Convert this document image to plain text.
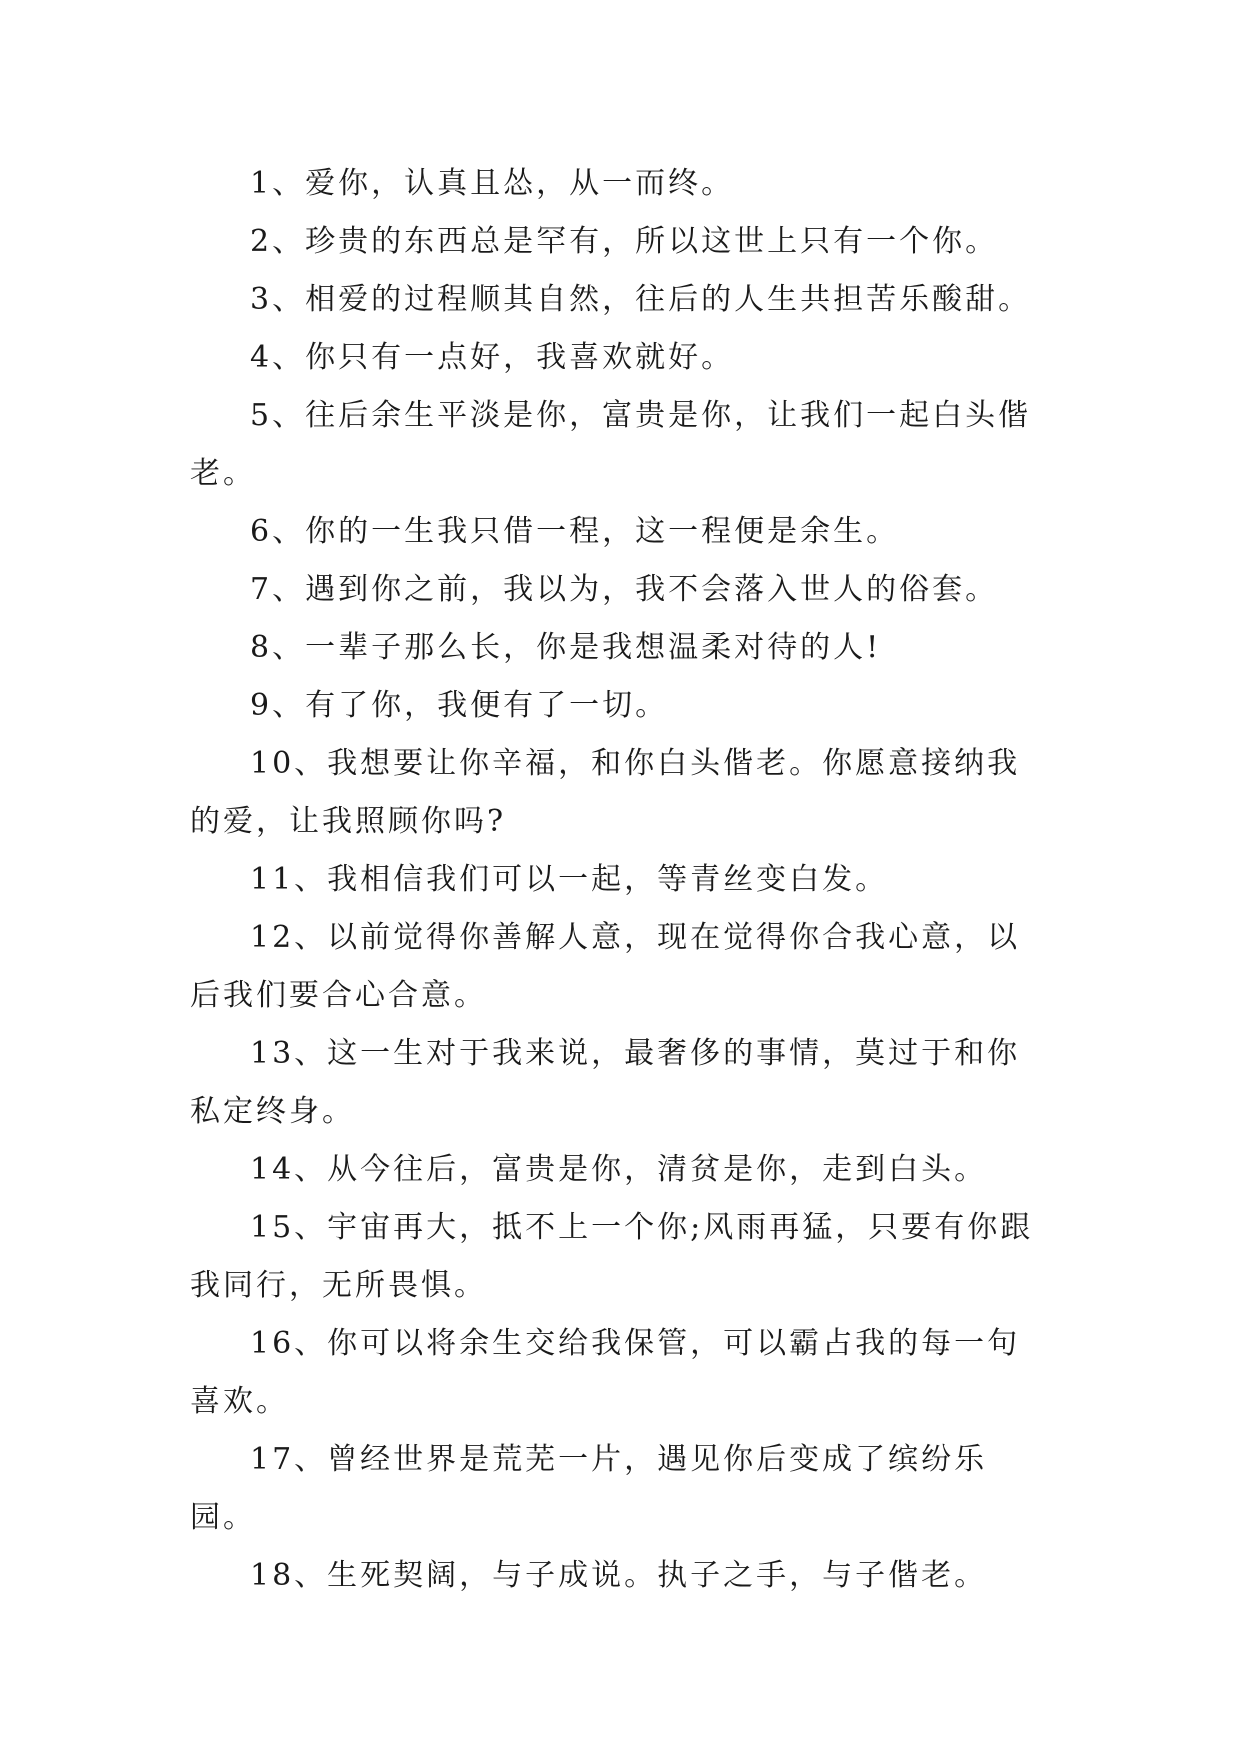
1、爱你，认真且怂，从一而终。

2、珍贵的东西总是罕有，所以这世上只有一个你。

3、相爱的过程顺其自然，往后的人生共担苦乐酸甜。

4、你只有一点好，我喜欢就好。

5、往后余生平淡是你，富贵是你，让我们一起白头偕老。

6、你的一生我只借一程，这一程便是余生。

7、遇到你之前，我以为，我不会落入世人的俗套。

8、一辈子那么长，你是我想温柔对待的人!

9、有了你，我便有了一切。

10、我想要让你辛福，和你白头偕老。你愿意接纳我的爱，让我照顾你吗?

11、我相信我们可以一起，等青丝变白发。

12、以前觉得你善解人意，现在觉得你合我心意，以后我们要合心合意。

13、这一生对于我来说，最奢侈的事情，莫过于和你私定终身。

14、从今往后，富贵是你，清贫是你，走到白头。

15、宇宙再大，抵不上一个你;风雨再猛，只要有你跟我同行，无所畏惧。

16、你可以将余生交给我保管，可以霸占我的每一句喜欢。

17、曾经世界是荒芜一片，遇见你后变成了缤纷乐园。

18、生死契阔，与子成说。执子之手，与子偕老。
